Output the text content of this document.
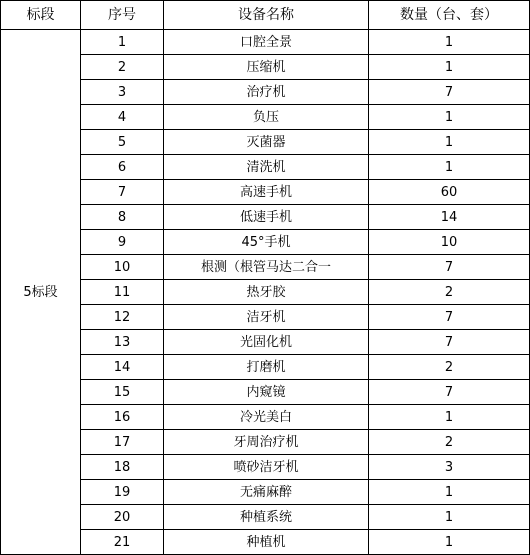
标段	序号	设备名称	数量（台、套）
5标段	1	口腔全景	1
	2	压缩机	1
	3	治疗机	7
	4	负压	1
	5	灭菌器	1
	6	清洗机	1
	7	高速手机	60
	8	低速手机	14
	9	45°手机	10
	10	根测（根管马达二合一	7
	11	热牙胶	2
	12	洁牙机	7
	13	光固化机	7
	14	打磨机	2
	15	内窥镜	7
	16	冷光美白	1
	17	牙周治疗机	2
	18	喷砂洁牙机	3
	19	无痛麻醉	1
	20	种植系统	1
	21	种植机	1
